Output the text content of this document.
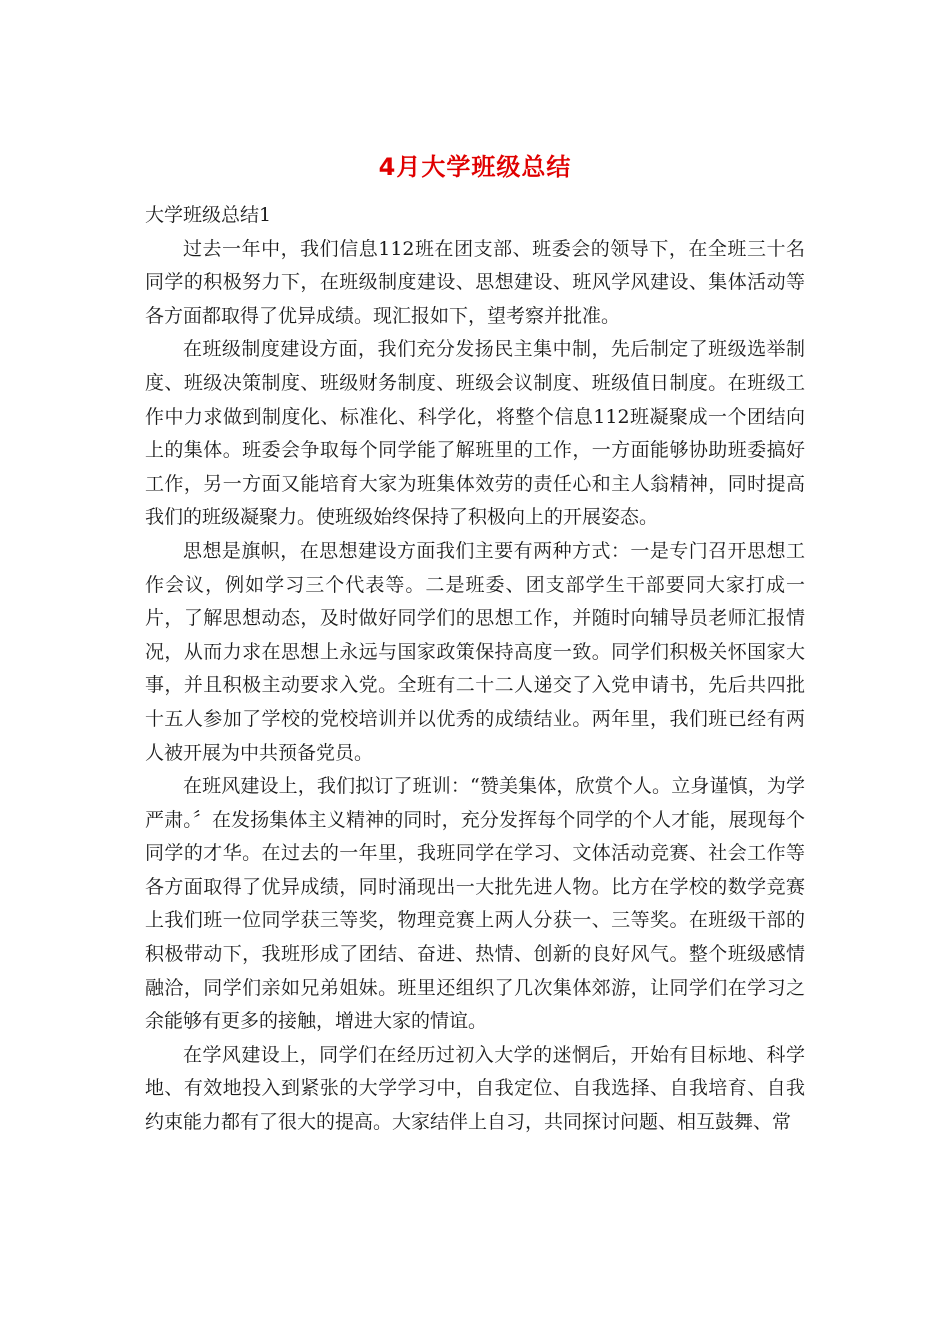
4月大学班级总结

大学班级总结1

过去一年中，我们信息112班在团支部、班委会的领导下，在全班三十名同学的积极努力下，在班级制度建设、思想建设、班风学风建设、集体活动等各方面都取得了优异成绩。现汇报如下，望考察并批准。

在班级制度建设方面，我们充分发扬民主集中制，先后制定了班级选举制度、班级决策制度、班级财务制度、班级会议制度、班级值日制度。在班级工作中力求做到制度化、标准化、科学化，将整个信息112班凝聚成一个团结向上的集体。班委会争取每个同学能了解班里的工作，一方面能够协助班委搞好工作，另一方面又能培育大家为班集体效劳的责任心和主人翁精神，同时提高我们的班级凝聚力。使班级始终保持了积极向上的开展姿态。

思想是旗帜，在思想建设方面我们主要有两种方式：一是专门召开思想工作会议，例如学习三个代表等。二是班委、团支部学生干部要同大家打成一片，了解思想动态，及时做好同学们的思想工作，并随时向辅导员老师汇报情况，从而力求在思想上永远与国家政策保持高度一致。同学们积极关怀国家大事，并且积极主动要求入党。全班有二十二人递交了入党申请书，先后共四批十五人参加了学校的党校培训并以优秀的成绩结业。两年里，我们班已经有两人被开展为中共预备党员。

在班风建设上，我们拟订了班训：“赞美集体，欣赏个人。立身谨慎，为学严肃。〞在发扬集体主义精神的同时，充分发挥每个同学的个人才能，展现每个同学的才华。在过去的一年里，我班同学在学习、文体活动竞赛、社会工作等各方面取得了优异成绩，同时涌现出一大批先进人物。比方在学校的数学竞赛上我们班一位同学获三等奖，物理竞赛上两人分获一、三等奖。在班级干部的积极带动下，我班形成了团结、奋进、热情、创新的良好风气。整个班级感情融洽，同学们亲如兄弟姐妹。班里还组织了几次集体郊游，让同学们在学习之余能够有更多的接触，增进大家的情谊。

在学风建设上，同学们在经历过初入大学的迷惘后，开始有目标地、科学地、有效地投入到紧张的大学学习中，自我定位、自我选择、自我培育、自我约束能力都有了很大的提高。大家结伴上自习，共同探讨问题、相互鼓舞、常
